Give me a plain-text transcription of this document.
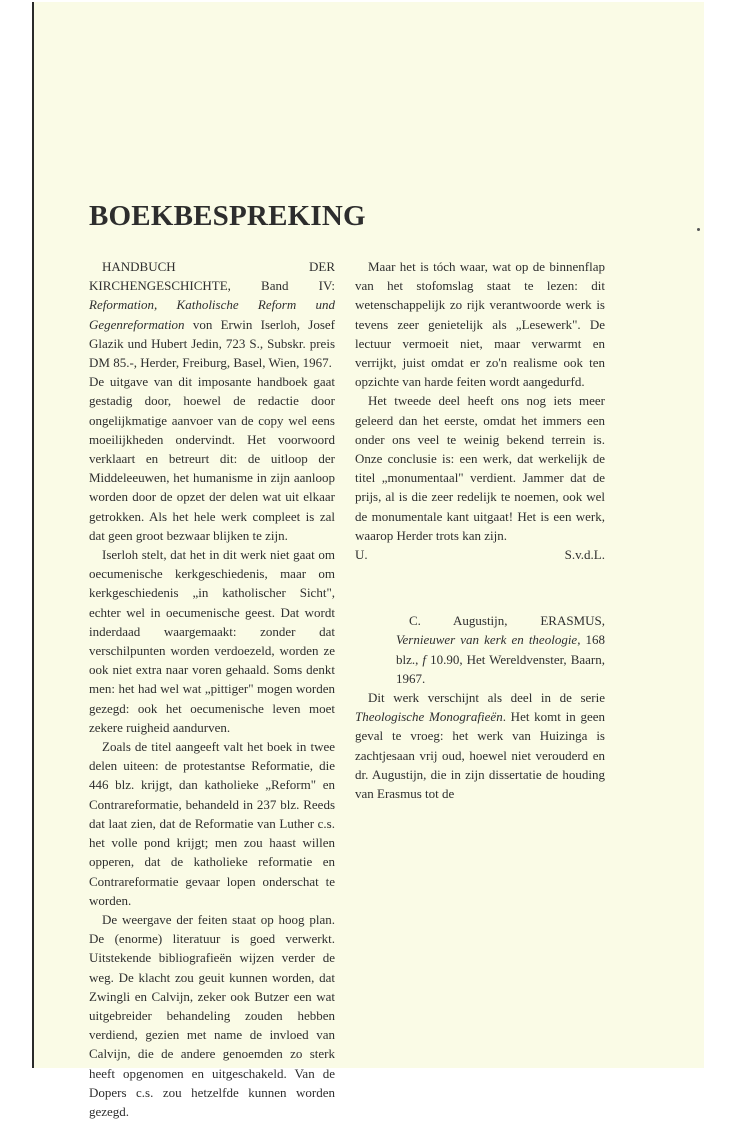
BOEKBESPREKING

HANDBUCH DER KIRCHENGESCHICHTE, Band IV: Reformation, Katholische Reform und Gegenreformation von Erwin Iserloh, Josef Glazik und Hubert Jedin, 723 S., Subskr. preis DM 85.-, Herder, Freiburg, Basel, Wien, 1967.

De uitgave van dit imposante handboek gaat gestadig door, hoewel de redactie door ongelijkmatige aanvoer van de copy wel eens moeilijkheden ondervindt. Het voorwoord verklaart en betreurt dit: de uitloop der Middeleeuwen, het humanisme in zijn aanloop worden door de opzet der delen wat uit elkaar getrokken. Als het hele werk compleet is zal dat geen groot bezwaar blijken te zijn.

Iserloh stelt, dat het in dit werk niet gaat om oecumenische kerkgeschiedenis, maar om kerkgeschiedenis „in katholischer Sicht", echter wel in oecumenische geest. Dat wordt inderdaad waargemaakt: zonder dat verschilpunten worden verdoezeld, worden ze ook niet extra naar voren gehaald. Soms denkt men: het had wel wat „pittiger" mogen worden gezegd: ook het oecumenische leven moet zekere ruigheid aandurven.

Zoals de titel aangeeft valt het boek in twee delen uiteen: de protestantse Reformatie, die 446 blz. krijgt, dan katholieke „Reform" en Contrareformatie, behandeld in 237 blz. Reeds dat laat zien, dat de Reformatie van Luther c.s. het volle pond krijgt; men zou haast willen opperen, dat de katholieke reformatie en Contrareformatie gevaar lopen onderschat te worden.

De weergave der feiten staat op hoog plan. De (enorme) literatuur is goed verwerkt. Uitstekende bibliografieën wijzen verder de weg. De klacht zou geuit kunnen worden, dat Zwingli en Calvijn, zeker ook Butzer een wat uitgebreider behandeling zouden hebben verdiend, gezien met name de invloed van Calvijn, die de andere genoemden zo sterk heeft opgenomen en uitgeschakeld. Van de Dopers c.s. zou hetzelfde kunnen worden gezegd.

Maar het is tóch waar, wat op de binnenflap van het stofomslag staat te lezen: dit wetenschappelijk zo rijk verantwoorde werk is tevens zeer genietelijk als „Lesewerk". De lectuur vermoeit niet, maar verwarmt en verrijkt, juist omdat er zo'n realisme ook ten opzichte van harde feiten wordt aangedurfd.

Het tweede deel heeft ons nog iets meer geleerd dan het eerste, omdat het immers een onder ons veel te weinig bekend terrein is. Onze conclusie is: een werk, dat werkelijk de titel „monumentaal" verdient. Jammer dat de prijs, al is die zeer redelijk te noemen, ook wel de monumentale kant uitgaat! Het is een werk, waarop Herder trots kan zijn.

U.	S.v.d.L.

C. Augustijn, ERASMUS, Vernieuwer van kerk en theologie, 168 blz., f 10.90, Het Wereldvenster, Baarn, 1967.

Dit werk verschijnt als deel in de serie Theologische Monografieën. Het komt in geen geval te vroeg: het werk van Huizinga is zachtjesaan vrij oud, hoewel niet verouderd en dr. Augustijn, die in zijn dissertatie de houding van Erasmus tot de
